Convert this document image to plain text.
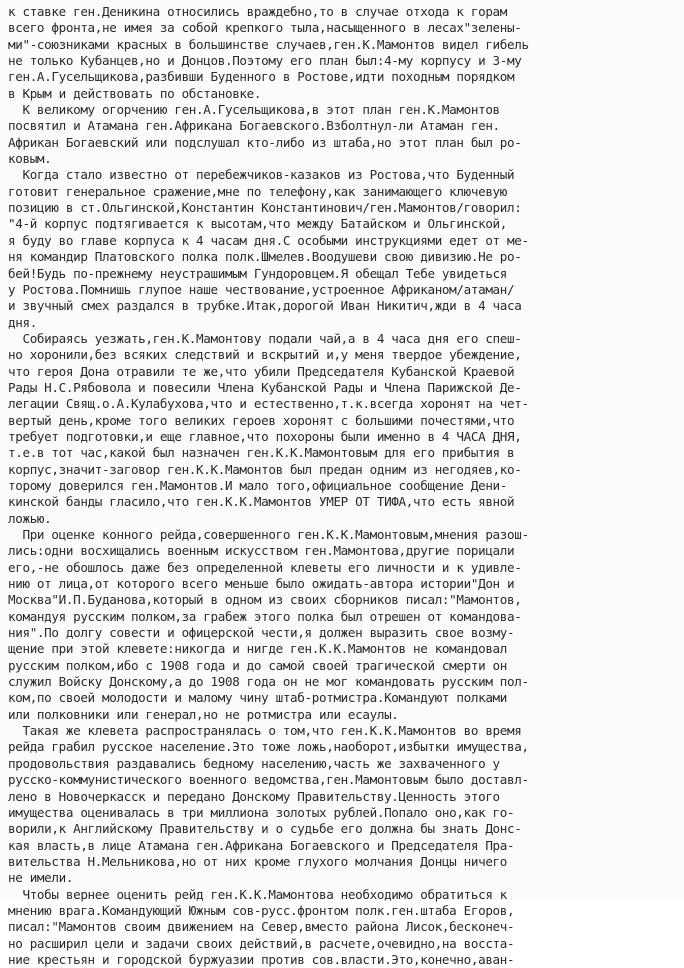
к ставке ген.Деникина относились враждебно,то в случае отхода к горам
всего фронта,не имея за собой крепкого тыла,насыщенного в лесах"зелены-
ми"-союзниками красных в большинстве случаев,ген.К.Мамонтов видел гибель
не только Кубанцев,но и Донцов.Поэтому его план был:4-му корпусу и 3-му
ген.А.Гусельщикова,разбивши Буденного в Ростове,идти походным порядком
в Крым и действовать по обстановке.
К великому огорчению ген.А.Гусельщикова,в этот план ген.К.Мамонтов
посвятил и Атамана ген.Африкана Богаевского.Взболтнул-ли Атаман ген.
Африкан Богаевский или подслушал кто-либо из штаба,но этот план был ро-
ковым.
Когда стало известно от перебежчиков-казаков из Ростова,что Буденный
готовит генеральное сражение,мне по телефону,как занимающего ключевую
позицию в ст.Ольгинской,Константин Константинович/ген.Мамонтов/говорил:
"4-й корпус подтягивается к высотам,что между Батайском и Ольгинской,
я буду во главе корпуса к 4 часам дня.С особыми инструкциями едет от ме-
ня командир Платовского полка полк.Шмелев.Воодушеви свою дивизию.Не ро-
бей!Будь по-прежнему неустрашимым Гундоровцем.Я обещал Тебе увидеться
у Ростова.Помнишь глупое наше чествование,устроенное Африканом/атаман/
и звучный смех раздался в трубке.Итак,дорогой Иван Никитич,жди в 4 часа
дня.
Собираясь уезжать,ген.К.Мамонтову подали чай,а в 4 часа дня его спеш-
но хоронили,без всяких следствий и вскрытий и,у меня твердое убеждение,
что героя Дона отравили те же,что убили Председателя Кубанской Краевой
Рады Н.С.Рябовола и повесили Члена Кубанской Рады и Члена Парижской Де-
легации Свящ.о.А.Кулабухова,что и естественно,т.к.всегда хоронят на чет-
вертый день,кроме того великих героев хоронят с большими почестями,что
требует подготовки,и еще главное,что похороны были именно в 4 ЧАСА ДНЯ,
т.е.в тот час,какой был назначен ген.К.К.Мамонтовым для его прибытия в
корпус,значит-заговор ген.К.К.Мамонтов был предан одним из негодяев,ко-
торому доверился ген.Мамонтов.И мало того,официальное сообщение Дени-
кинской банды гласило,что ген.К.К.Мамонтов УМЕР ОТ ТИФА,что есть явной
ложью.
При оценке конного рейда,совершенного ген.К.К.Мамонтовым,мнения разош-
лись:одни восхищались военным искусством ген.Мамонтова,другие порицали
его,-не обошлось даже без определенной клеветы его личности и к удивле-
нию от лица,от которого всего меньше было ожидать-автора истории"Дон и
Москва"И.П.Буданова,который в одном из своих сборников писал:"Мамонтов,
командуя русским полком,за грабеж этого полка был отрешен от командова-
ния".По долгу совести и офицерской чести,я должен выразить свое возму-
щение при этой клевете:никогда и нигде ген.К.К.Мамонтов не командовал
русским полком,ибо с 1908 года и до самой своей трагической смерти он
служил Войску Донскому,а до 1908 года он не мог командовать русским пол-
ком,по своей молодости и малому чину штаб-ротмистра.Командуют полками
или полковники или генерал,но не ротмистра или есаулы.
Такая же клевета распространялась о том,что ген.К.К.Мамонтов во время
рейда грабил русское население.Это тоже ложь,наоборот,избытки имущества,
продовольствия раздавались бедному населению,часть же захваченного у
русско-коммунистического военного ведомства,ген.Мамонтовым было доставл-
лено в Новочеркасск и передано Донскому Правительству.Ценность этого
имущества оценивалась в три миллиона золотых рублей.Попало оно,как го-
ворили,к Английскому Правительству и о судьбе его должна бы знать Донс-
кая власть,в лице Атамана ген.Африкана Богаевского и Председателя Пра-
вительства Н.Мельникова,но от них кроме глухого молчания Донцы ничего
не имели.
Чтобы вернее оценить рейд ген.К.К.Мамонтова необходимо обратиться к
мнению врага.Командующий Южным сов-русс.фронтом полк.ген.штаба Егоров,
писал:"Мамонтов своим движением на Север,вместо района Лисок,бесконеч-
но расширил цели и задачи своих действий,в расчете,очевидно,на восста-
ние крестьян и городской буржуазии против сов.власти.Это,конечно,аван-
